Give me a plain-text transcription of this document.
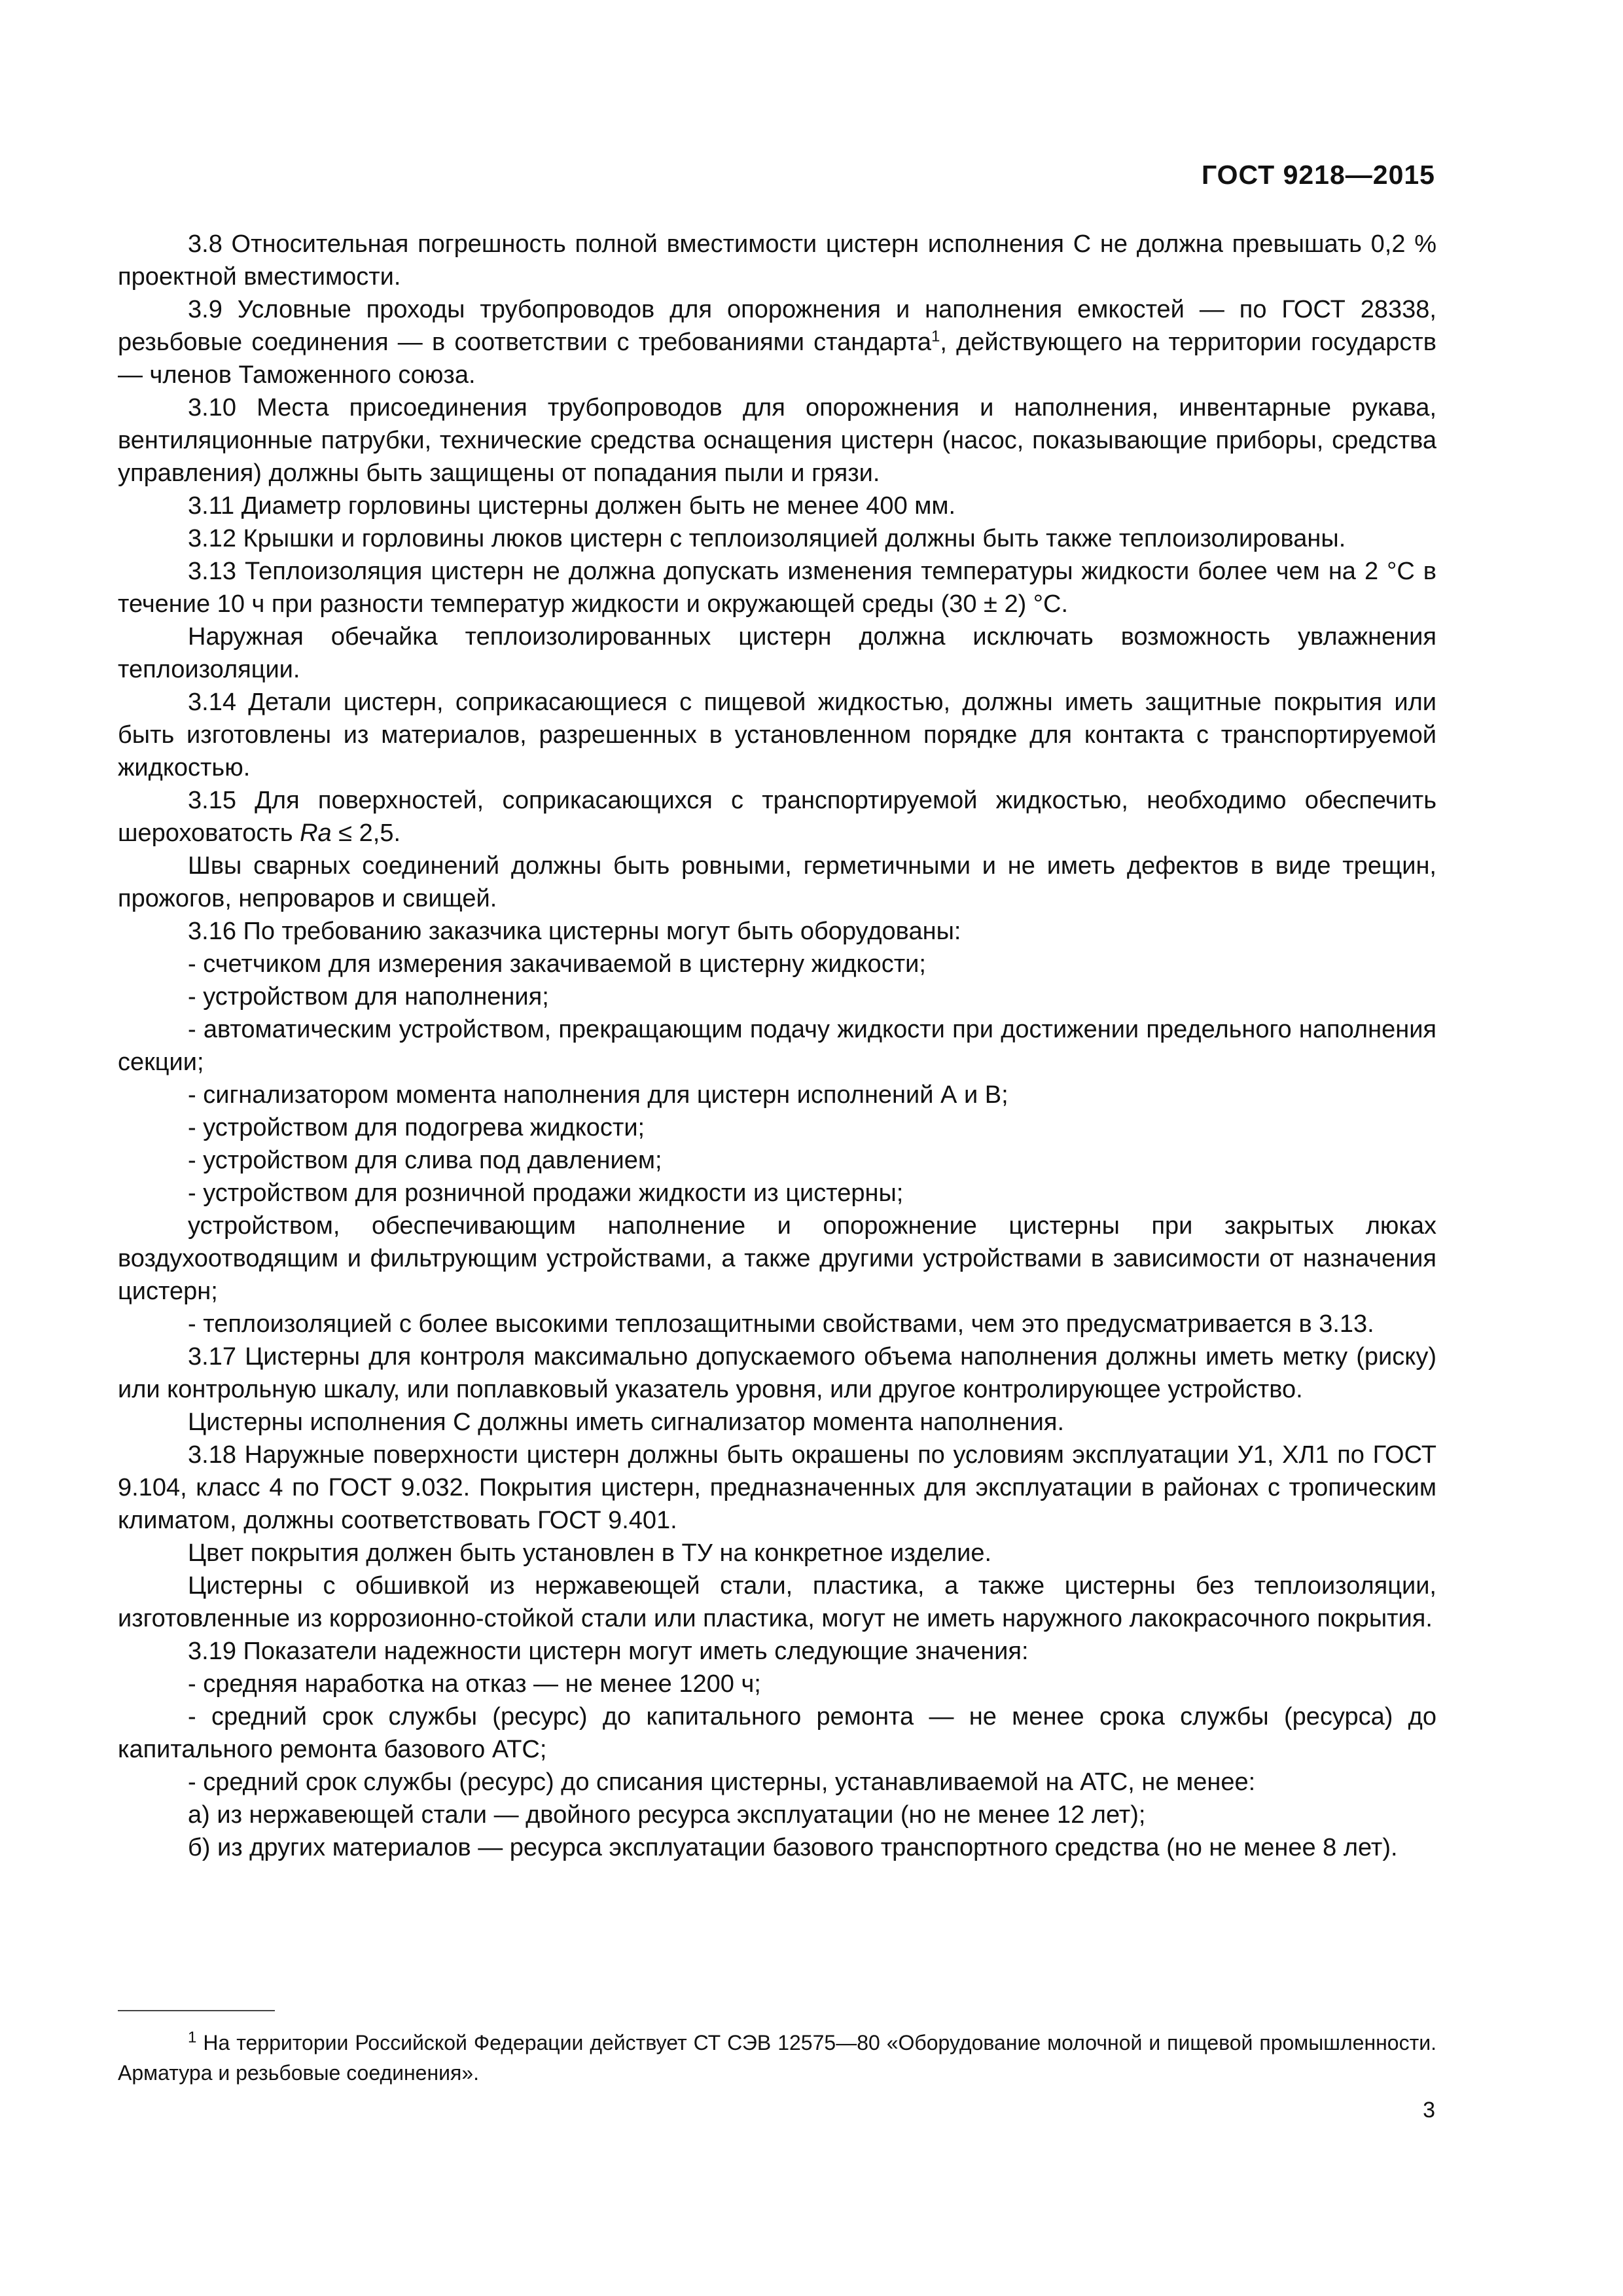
ГОСТ 9218—2015

3.8 Относительная погрешность полной вместимости цистерн исполнения С не должна превышать 0,2 % проектной вместимости.

3.9 Условные проходы трубопроводов для опорожнения и наполнения емкостей — по ГОСТ 28338, резьбовые соединения — в соответствии с требованиями стандарта$^1$, действующего на территории государств — членов Таможенного союза.

3.10 Места присоединения трубопроводов для опорожнения и наполнения, инвентарные рукава, вентиляционные патрубки, технические средства оснащения цистерн (насос, показывающие приборы, средства управления) должны быть защищены от попадания пыли и грязи.

3.11 Диаметр горловины цистерны должен быть не менее 400 мм.

3.12 Крышки и горловины люков цистерн с теплоизоляцией должны быть также теплоизолированы.

3.13 Теплоизоляция цистерн не должна допускать изменения температуры жидкости более чем на 2 °С в течение 10 ч при разности температур жидкости и окружающей среды (30 ± 2) °С.

Наружная обечайка теплоизолированных цистерн должна исключать возможность увлажнения теплоизоляции.

3.14 Детали цистерн, соприкасающиеся с пищевой жидкостью, должны иметь защитные покрытия или быть изготовлены из материалов, разрешенных в установленном порядке для контакта с транспортируемой жидкостью.

3.15 Для поверхностей, соприкасающихся с транспортируемой жидкостью, необходимо обеспечить шероховатость Ra ≤ 2,5.

Швы сварных соединений должны быть ровными, герметичными и не иметь дефектов в виде трещин, прожогов, непроваров и свищей.

3.16 По требованию заказчика цистерны могут быть оборудованы:

- счетчиком для измерения закачиваемой в цистерну жидкости;

- устройством для наполнения;

- автоматическим устройством, прекращающим подачу жидкости при достижении предельного наполнения секции;

- сигнализатором момента наполнения для цистерн исполнений А и В;

- устройством для подогрева жидкости;

- устройством для слива под давлением;

- устройством для розничной продажи жидкости из цистерны;

устройством, обеспечивающим наполнение и опорожнение цистерны при закрытых люках воздухоотводящим и фильтрующим устройствами, а также другими устройствами в зависимости от назначения цистерн;

- теплоизоляцией с более высокими теплозащитными свойствами, чем это предусматривается в 3.13.

3.17 Цистерны для контроля максимально допускаемого объема наполнения должны иметь метку (риску) или контрольную шкалу, или поплавковый указатель уровня, или другое контролирующее устройство.

Цистерны исполнения С должны иметь сигнализатор момента наполнения.

3.18 Наружные поверхности цистерн должны быть окрашены по условиям эксплуатации У1, ХЛ1 по ГОСТ 9.104, класс 4 по ГОСТ 9.032. Покрытия цистерн, предназначенных для эксплуатации в районах с тропическим климатом, должны соответствовать ГОСТ 9.401.

Цвет покрытия должен быть установлен в ТУ на конкретное изделие.

Цистерны с обшивкой из нержавеющей стали, пластика, а также цистерны без теплоизоляции, изготовленные из коррозионно-стойкой стали или пластика, могут не иметь наружного лакокрасочного покрытия.

3.19 Показатели надежности цистерн могут иметь следующие значения:

- средняя наработка на отказ — не менее 1200 ч;

- средний срок службы (ресурс) до капитального ремонта — не менее срока службы (ресурса) до капитального ремонта базового АТС;

- средний срок службы (ресурс) до списания цистерны, устанавливаемой на АТС, не менее:

а) из нержавеющей стали — двойного ресурса эксплуатации (но не менее 12 лет);

б) из других материалов — ресурса эксплуатации базового транспортного средства (но не менее 8 лет).

$^1$ На территории Российской Федерации действует СТ СЭВ 12575—80 «Оборудование молочной и пищевой промышленности. Арматура и резьбовые соединения».

3
